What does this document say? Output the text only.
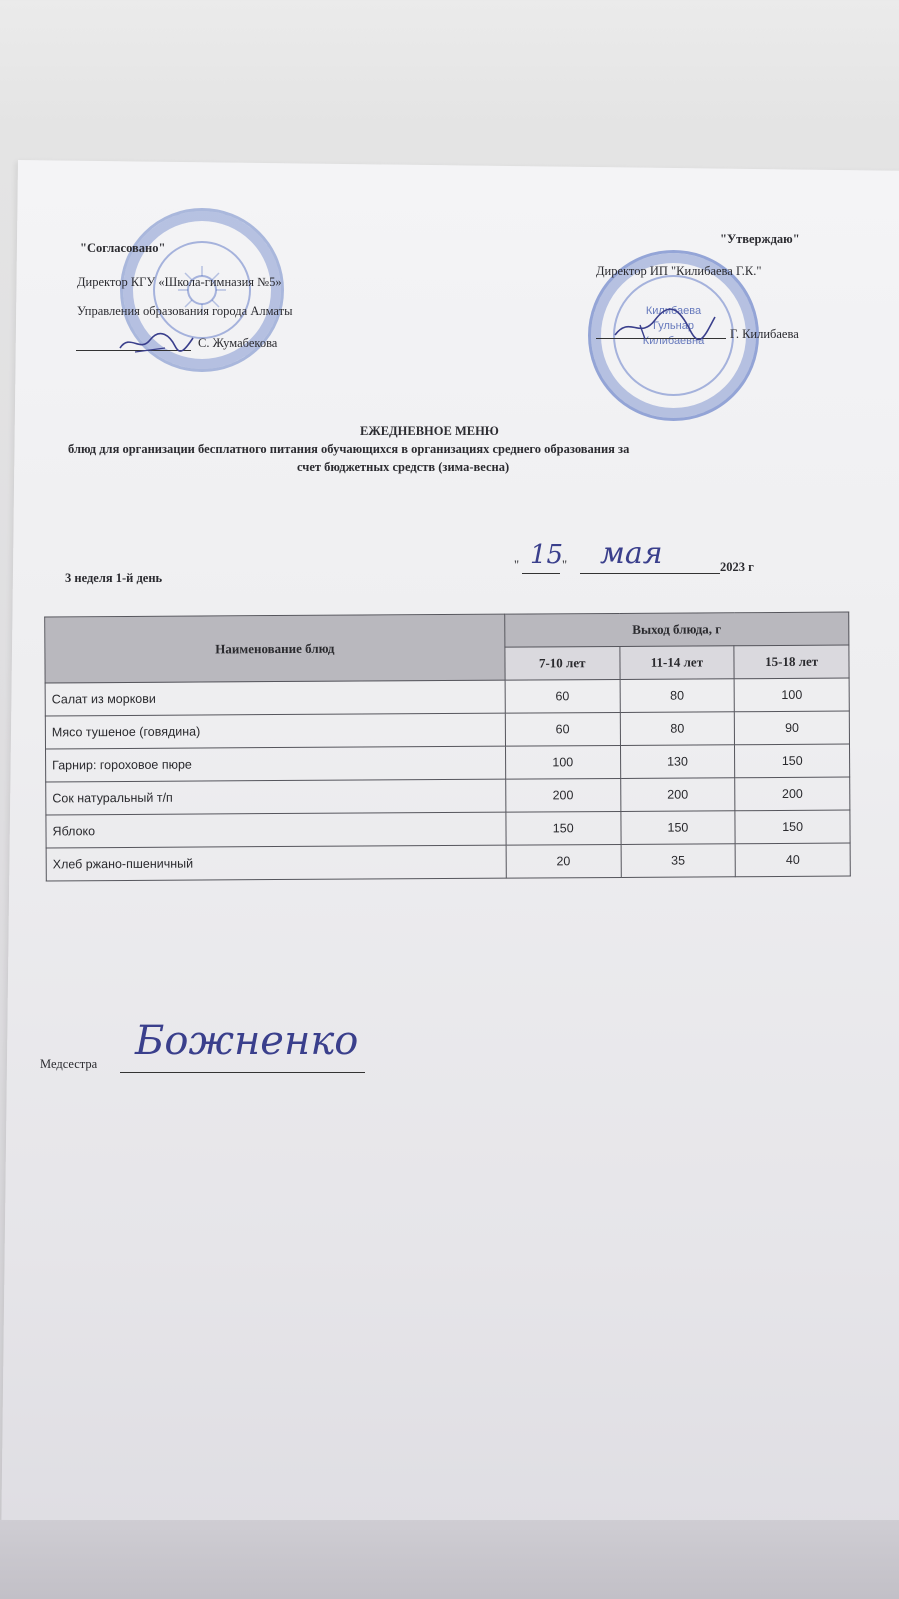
"Согласовано"
Директор КГУ «Школа-гимназия №5»
Управления образования города Алматы
С. Жумабекова
Килибаева
Гульнар
Килибаевна
"Утверждаю"
Директор ИП "Килибаева Г.К."
Г. Килибаева
ЕЖЕДНЕВНОЕ МЕНЮ
блюд для организации бесплатного питания обучающихся в организациях среднего образования за
счет бюджетных средств (зима-весна)
3 неделя 1-й день
" 15
" мая	2023 г
Наименование блюд	Выход блюда, г		
	7-10 лет	11-14 лет	15-18 лет
Салат из моркови	60	80	100
Мясо тушеное (говядина)	60	80	90
Гарнир: гороховое пюре	100	130	150
Сок натуральный т/п	200	200	200
Яблоко	150	150	150
Хлеб ржано-пшеничный	20	35	40
Медсестра Божненко
